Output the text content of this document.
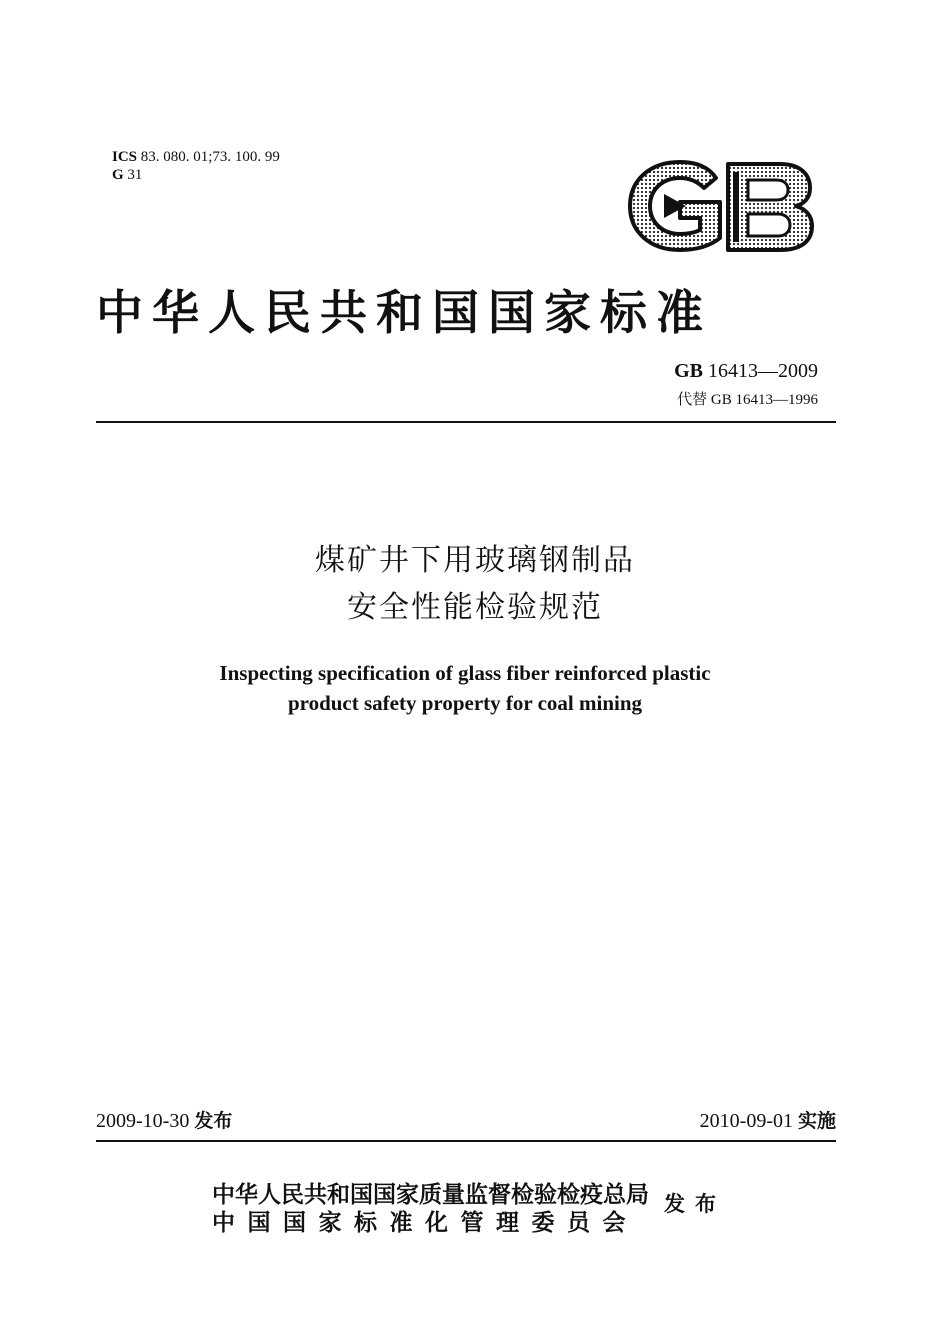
ICS 83. 080. 01;73. 100. 99
G 31
中华人民共和国国家标准
GB 16413—2009
代替 GB 16413—1996
煤矿井下用玻璃钢制品
安全性能检验规范
Inspecting specification of glass fiber reinforced plastic
product safety property for coal mining
2009-10-30 发布	2010-09-01 实施
中华人民共和国国家质量监督检验检疫总局
中国国家标准化管理委员会
发布
